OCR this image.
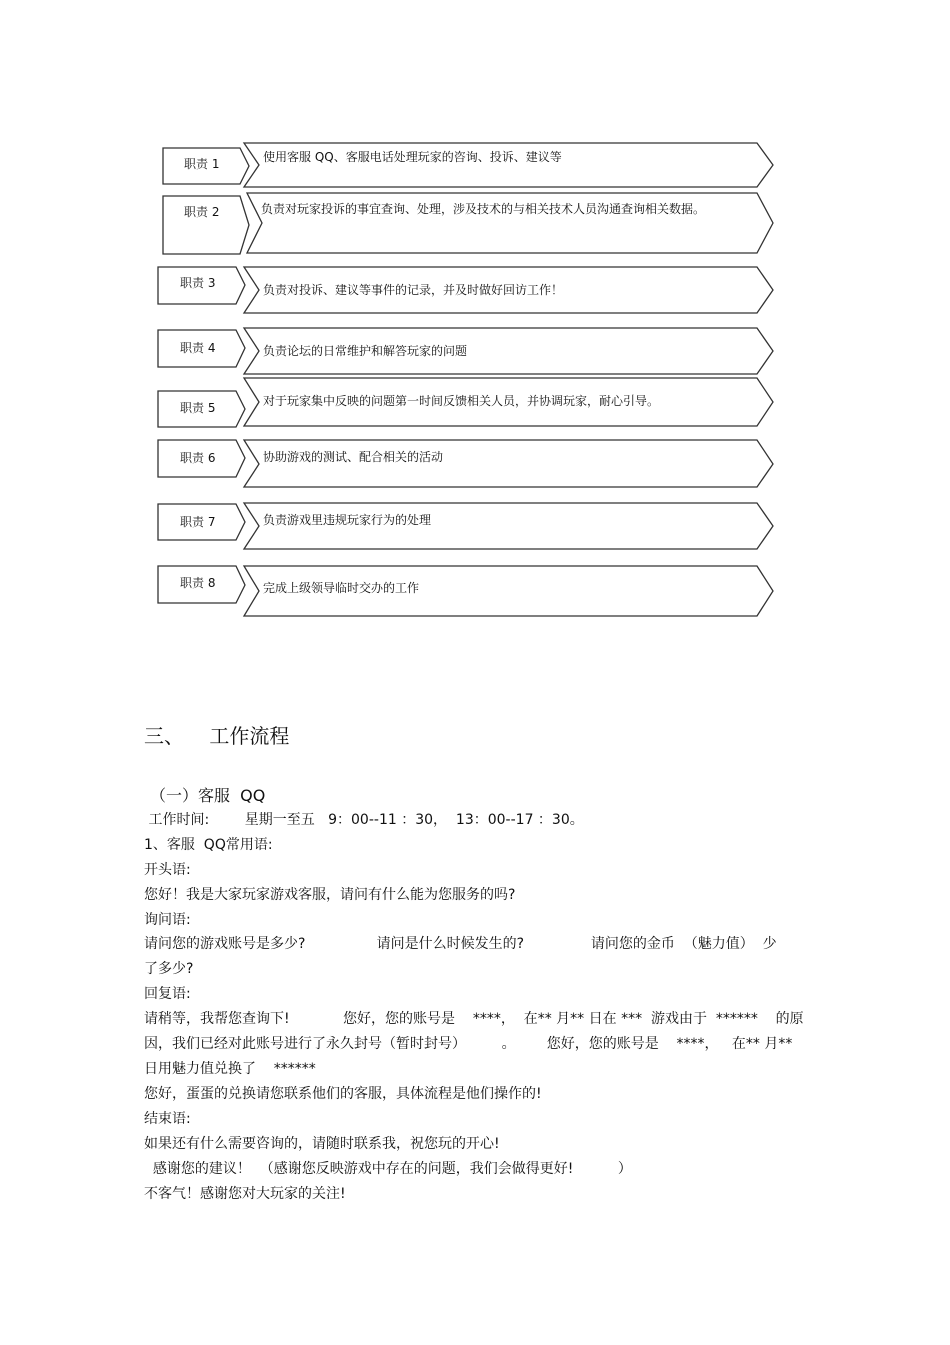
职责 1
职责 2
职责 3
职责 4
职责 5
职责 6
职责 7
职责 8
使用客服 QQ、客服电话处理玩家的咨询、投诉、建议等
负责对玩家投诉的事宜查询、处理，涉及技术的与相关技术人员沟通查询相关数据。
负责对投诉、建议等事件的记录，并及时做好回访工作！
负责论坛的日常维护和解答玩家的问题
对于玩家集中反映的问题第一时间反馈相关人员，并协调玩家，耐心引导。
协助游戏的测试、配合相关的活动
负责游戏里违规玩家行为的处理
完成上级领导临时交办的工作
三、    工作流程
（一）客服  QQ
工作时间:        星期一至五   9：00--11 ：30，  13：00--17 ：30。
1、客服  QQ常用语:
开头语:
您好！我是大家玩家游戏客服，请问有什么能为您服务的吗?
询问语:
请问您的游戏账号是多少?                请问是什么时候发生的?               请问您的金币  （魅力值）  少
了多少?
回复语:
请稍等，我帮您查询下!            您好，您的账号是    ****，  在** 月** 日在 ***  游戏由于  ******    的原
因，我们已经对此账号进行了永久封号（暂时封号）        。       您好，您的账号是    ****，   在** 月**
日用魅力值兑换了    ******
您好，蛋蛋的兑换请您联系他们的客服，具体流程是他们操作的!
结束语:
如果还有什么需要咨询的，请随时联系我，祝您玩的开心!
感谢您的建议！  （感谢您反映游戏中存在的问题，我们会做得更好!          ）
不客气！感谢您对大玩家的关注!
